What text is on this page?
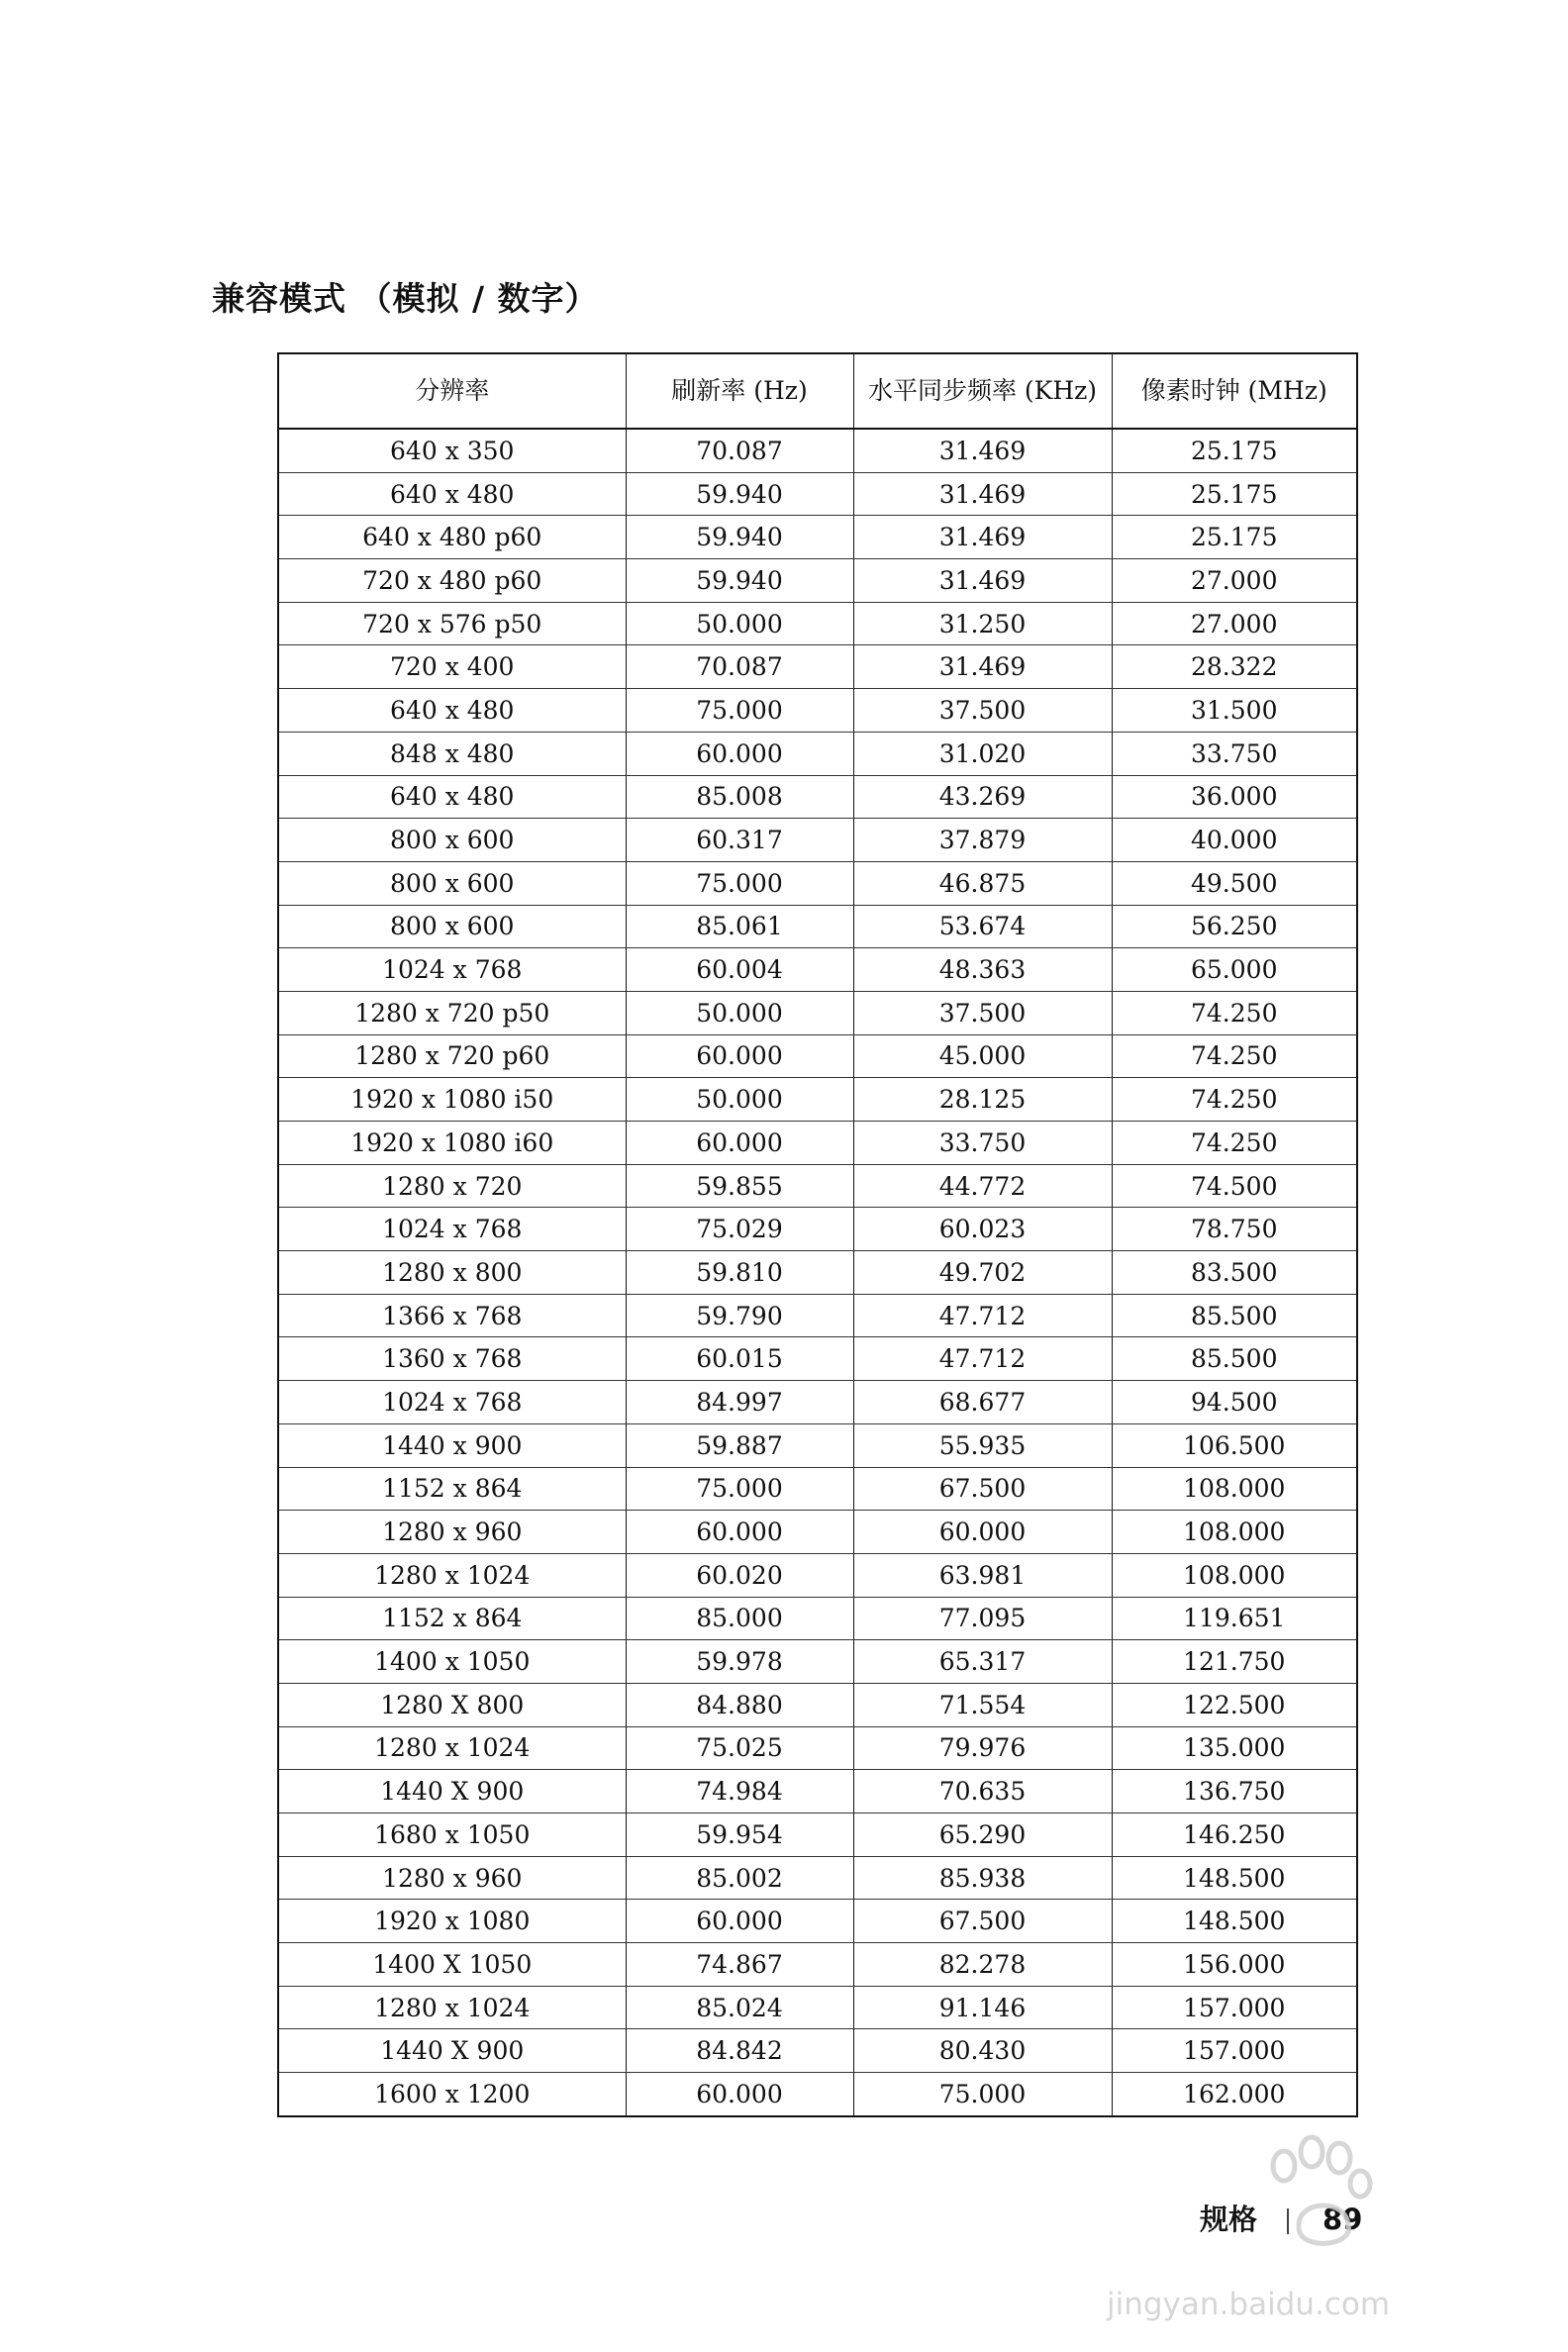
兼容模式 （模拟 / 数字）
分辨率	刷新率 (Hz)	水平同步频率 (KHz)	像素时钟 (MHz)
640 x 350	70.087	31.469	25.175
640 x 480	59.940	31.469	25.175
640 x 480 p60	59.940	31.469	25.175
720 x 480 p60	59.940	31.469	27.000
720 x 576 p50	50.000	31.250	27.000
720 x 400	70.087	31.469	28.322
640 x 480	75.000	37.500	31.500
848 x 480	60.000	31.020	33.750
640 x 480	85.008	43.269	36.000
800 x 600	60.317	37.879	40.000
800 x 600	75.000	46.875	49.500
800 x 600	85.061	53.674	56.250
1024 x 768	60.004	48.363	65.000
1280 x 720 p50	50.000	37.500	74.250
1280 x 720 p60	60.000	45.000	74.250
1920 x 1080 i50	50.000	28.125	74.250
1920 x 1080 i60	60.000	33.750	74.250
1280 x 720	59.855	44.772	74.500
1024 x 768	75.029	60.023	78.750
1280 x 800	59.810	49.702	83.500
1366 x 768	59.790	47.712	85.500
1360 x 768	60.015	47.712	85.500
1024 x 768	84.997	68.677	94.500
1440 x 900	59.887	55.935	106.500
1152 x 864	75.000	67.500	108.000
1280 x 960	60.000	60.000	108.000
1280 x 1024	60.020	63.981	108.000
1152 x 864	85.000	77.095	119.651
1400 x 1050	59.978	65.317	121.750
1280 X 800	84.880	71.554	122.500
1280 x 1024	75.025	79.976	135.000
1440 X 900	74.984	70.635	136.750
1680 x 1050	59.954	65.290	146.250
1280 x 960	85.002	85.938	148.500
1920 x 1080	60.000	67.500	148.500
1400 X 1050	74.867	82.278	156.000
1280 x 1024	85.024	91.146	157.000
1440 X 900	84.842	80.430	157.000
1600 x 1200	60.000	75.000	162.000
规格 89
jingyan.baidu.com
